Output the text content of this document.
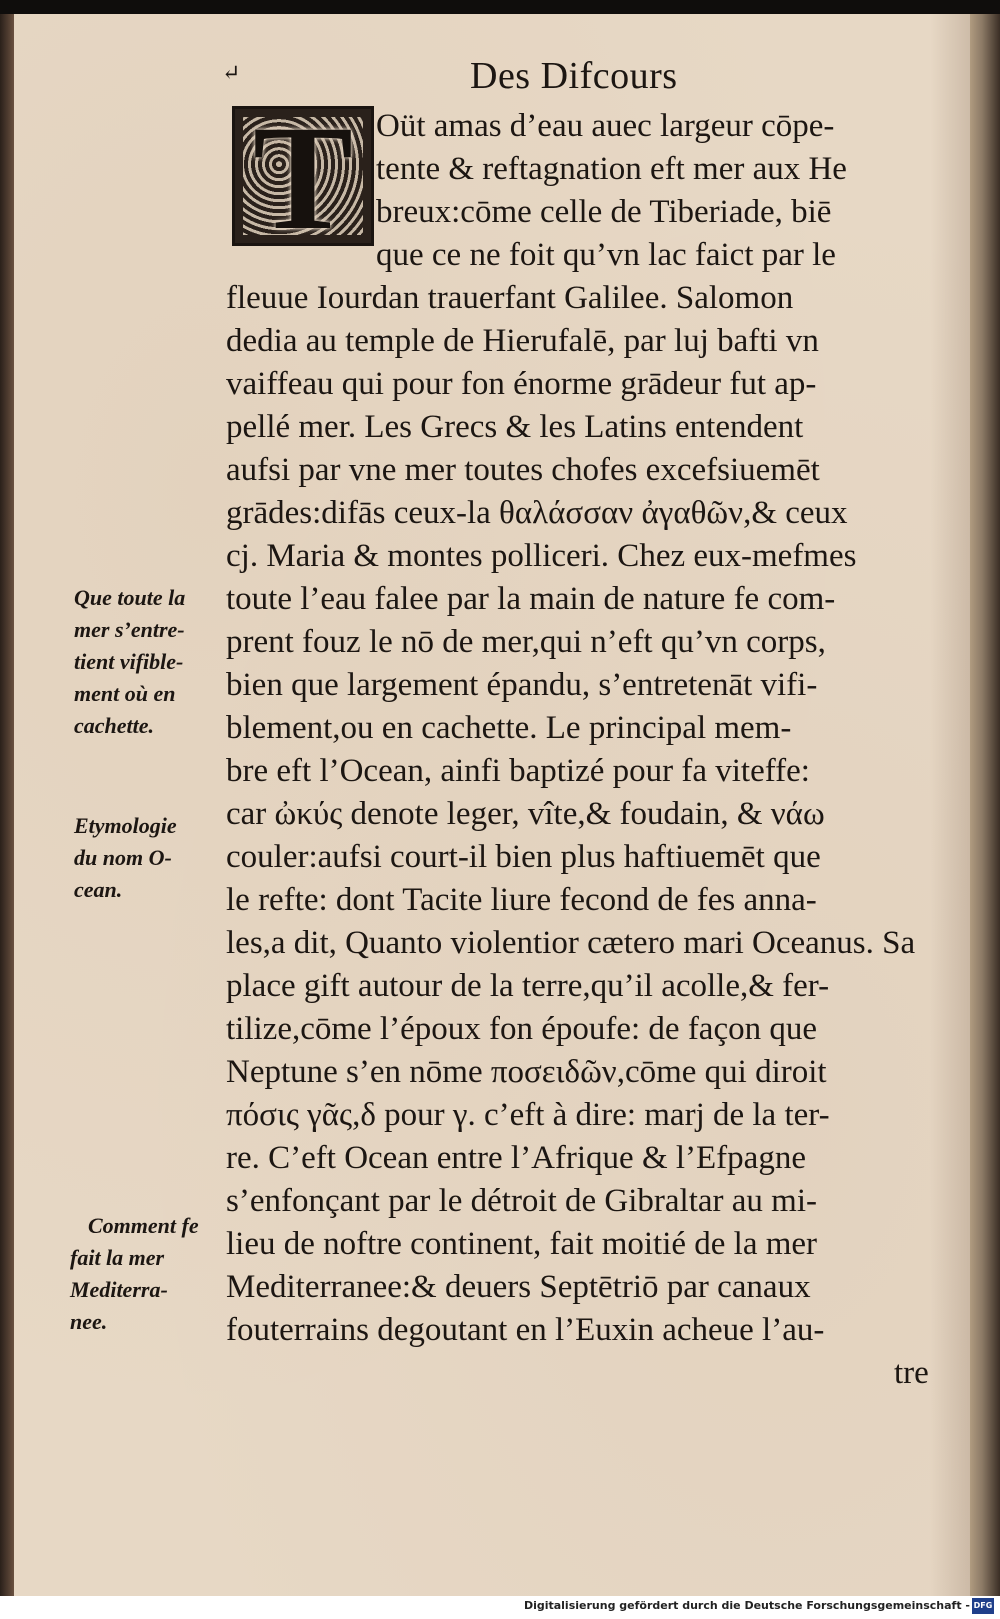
↵	Des Difcours
T Oüt amas d’eau auec largeur cōpe-
tente & reftagnation eft mer aux He
breux:cōme celle de Tiberiade, biē
que ce ne foit qu’vn lac faict par le
fleuue Iourdan trauerfant Galilee. Salomon
dedia au temple de Hierufalē, par luj bafti vn
vaiffeau qui pour fon énorme grādeur fut ap-
pellé mer. Les Grecs & les Latins entendent
aufsi par vne mer toutes chofes excefsiuemēt
grādes:difās ceux-la θαλάσσαν ἀγαθῶν,& ceux
cj. Maria & montes polliceri. Chez eux-mefmes
toute l’eau falee par la main de nature fe com-
prent fouz le nō de mer,qui n’eft qu’vn corps,
bien que largement épandu, s’entretenāt vifi-
blement,ou en cachette. Le principal mem-
bre eft l’Ocean, ainfi baptizé pour fa viteffe:
car ὠκύς denote leger, vîte,& foudain, & νάω
couler:aufsi court-il bien plus haftiuemēt que
le refte: dont Tacite liure fecond de fes anna-
les,a dit, Quanto violentior cætero mari Oceanus. Sa
place gift autour de la terre,qu’il acolle,& fer-
tilize,cōme l’époux fon époufe: de façon que
Neptune s’en nōme ποσειδῶν,cōme qui diroit
πόσις γᾶς,δ pour γ. c’eft à dire: marj de la ter-
re. C’eft Ocean entre l’Afrique & l’Efpagne
s’enfonçant par le détroit de Gibraltar au mi-
lieu de noftre continent, fait moitié de la mer
Mediterranee:& deuers Septētriō par canaux
fouterrains degoutant en l’Euxin acheue l’au-
tre
Que toute la
mer s’entre-
tient vifible-
ment où en
cachette.
Etymologie
du nom O-
cean.
Comment fe
fait la mer
Mediterra-
nee.
Digitalisierung gefördert durch die Deutsche Forschungsgemeinschaft - DFG
